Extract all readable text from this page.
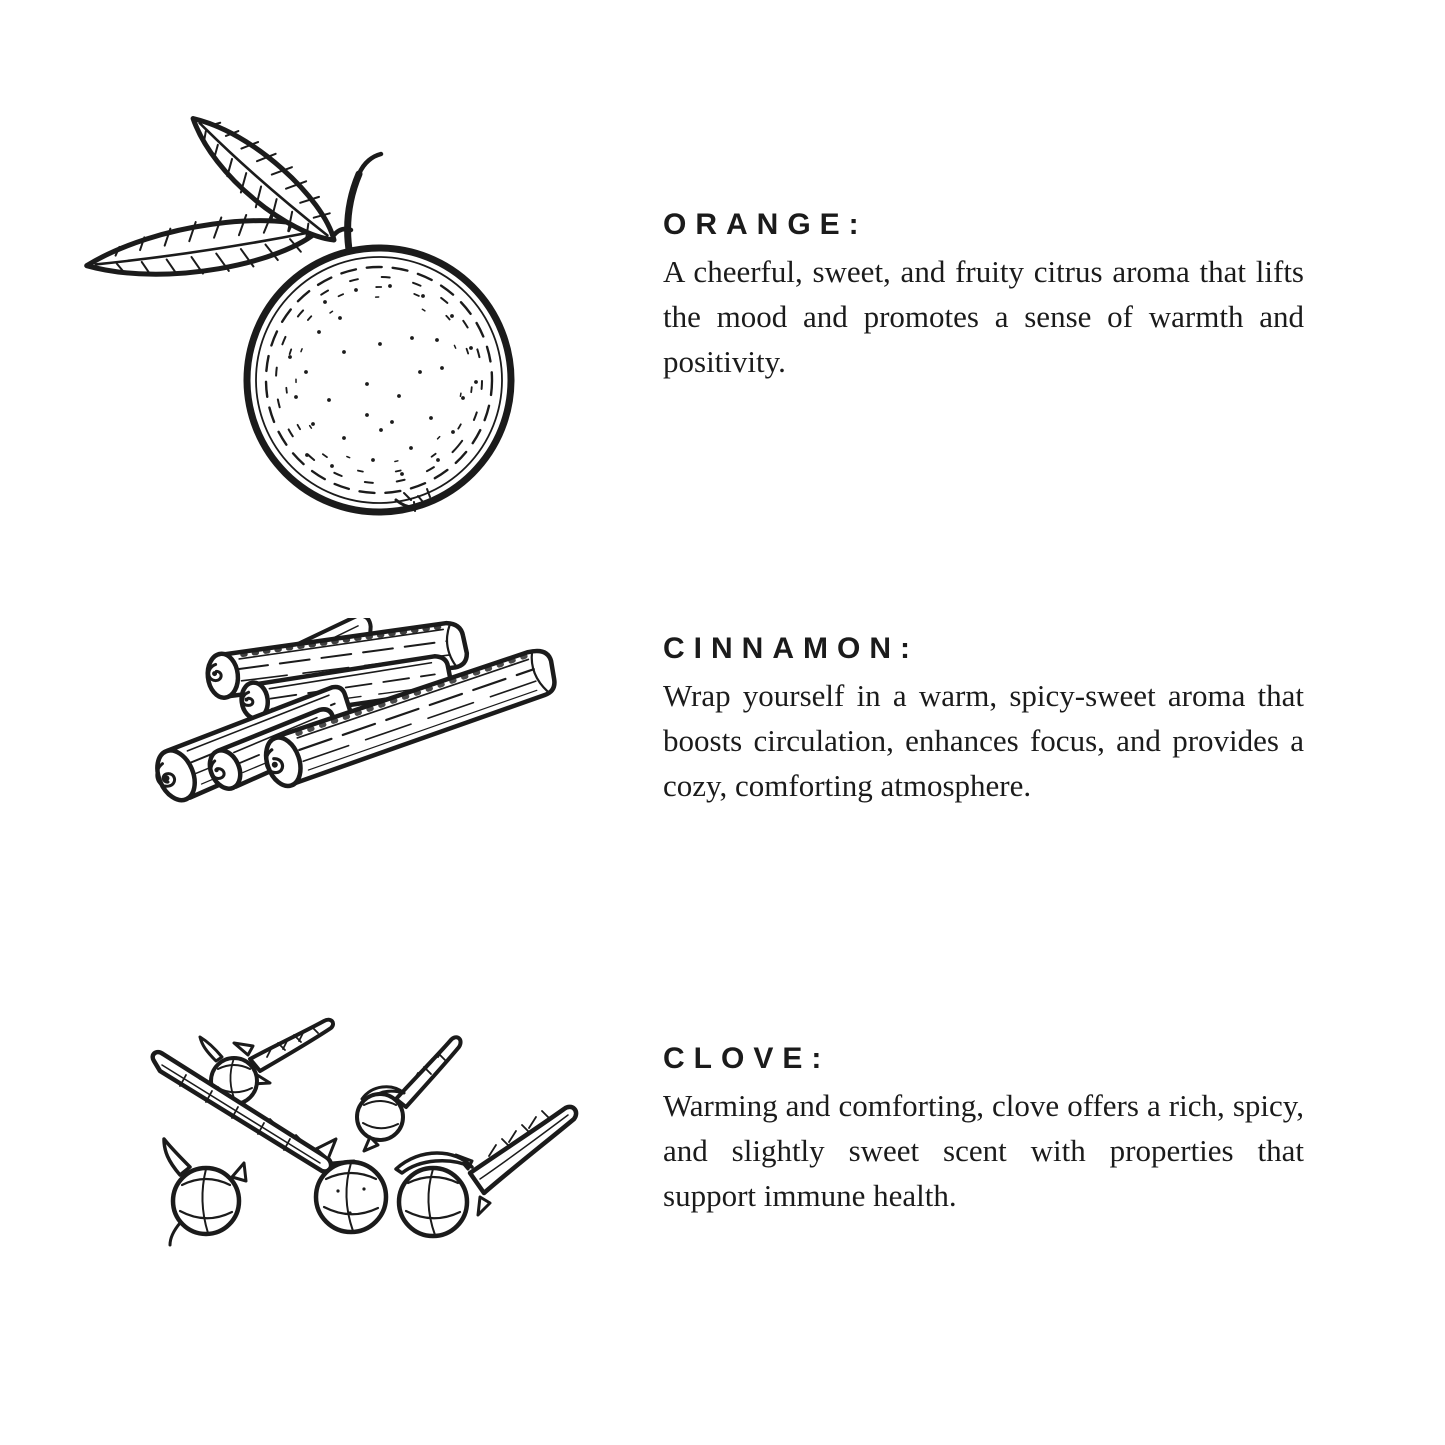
ORANGE:

A cheerful, sweet, and fruity citrus aroma that lifts the mood and promotes a sense of warmth and positivity.

CINNAMON:

Wrap yourself in a warm, spicy-sweet aroma that boosts circulation, enhances focus, and provides a cozy, comforting atmosphere.

CLOVE:

Warming and comforting, clove offers a rich, spicy, and slightly sweet scent with properties that support immune health.
